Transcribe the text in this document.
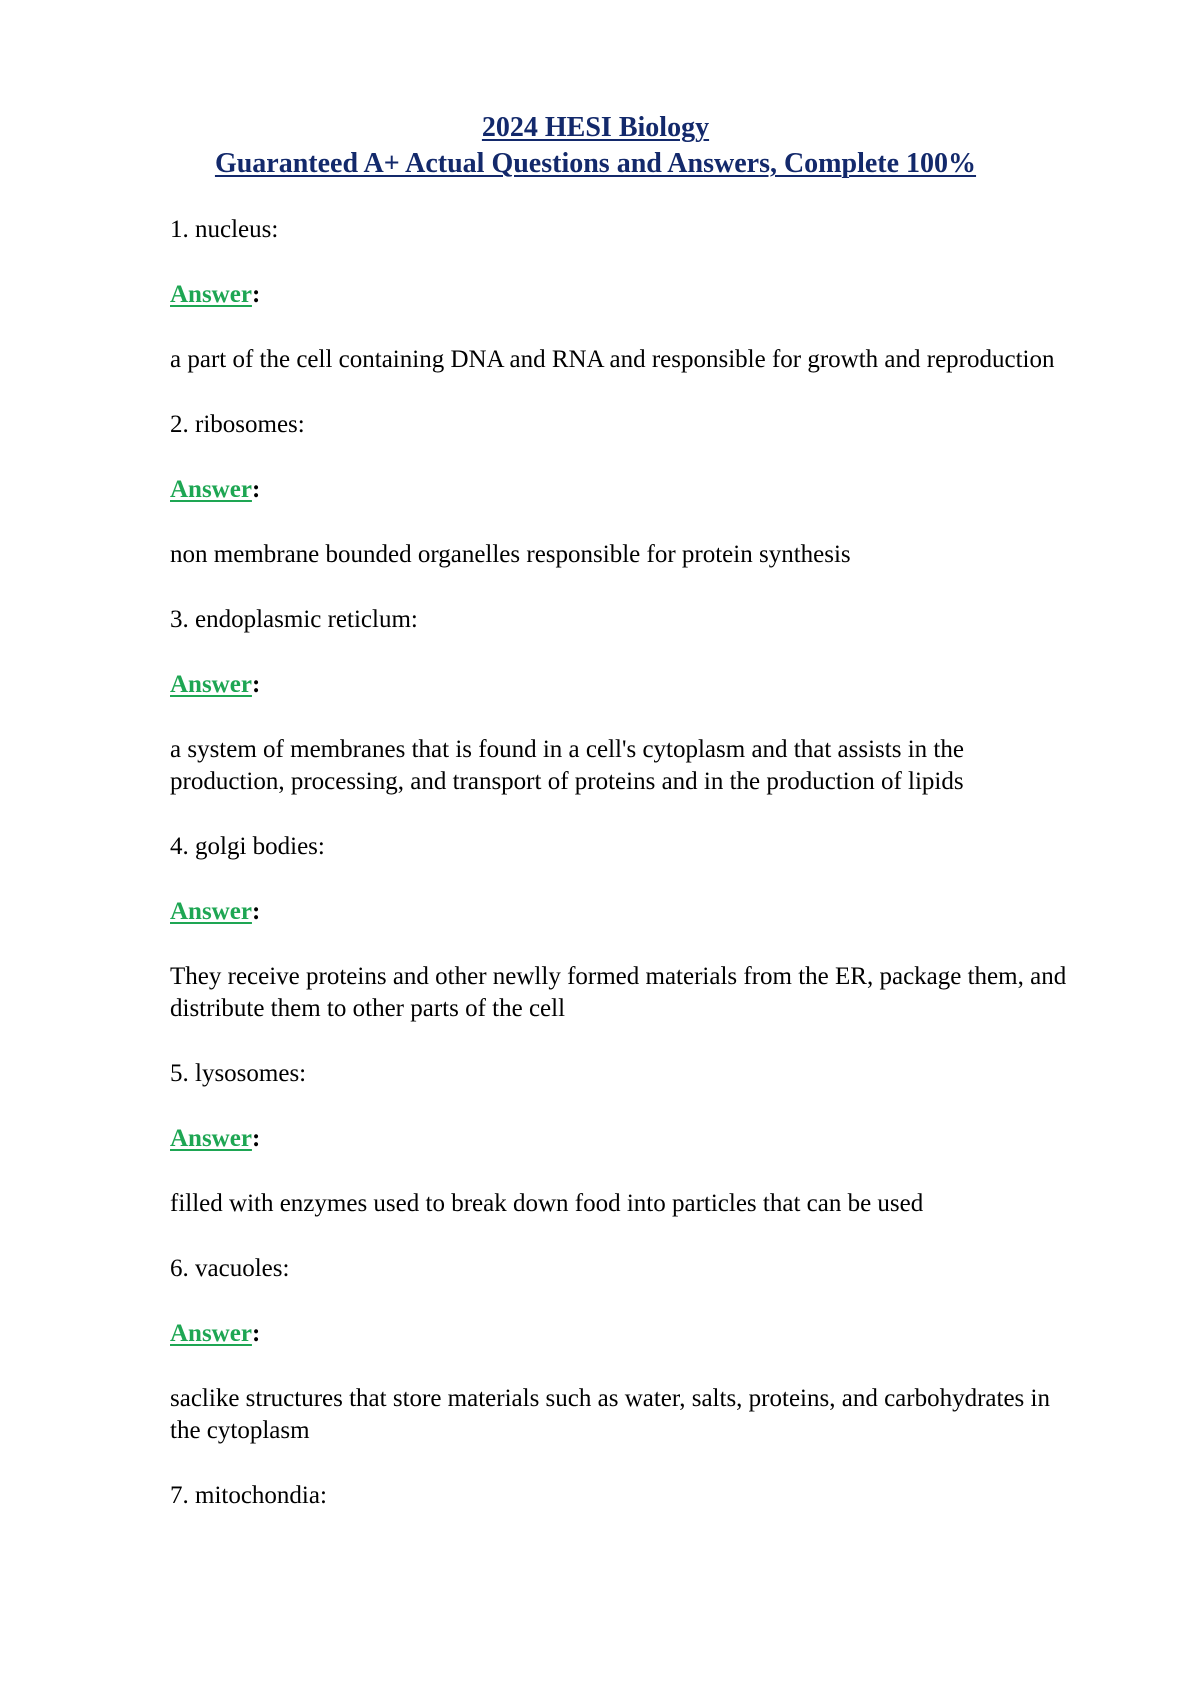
2024 HESI Biology
Guaranteed A+ Actual Questions and Answers, Complete 100%

1. nucleus:

Answer:

a part of the cell containing DNA and RNA and responsible for growth and reproduction

2. ribosomes:

Answer:

non membrane bounded organelles responsible for protein synthesis

3. endoplasmic reticlum:

Answer:

a system of membranes that is found in a cell's cytoplasm and that assists in the production, processing, and transport of proteins and in the production of lipids

4. golgi bodies:

Answer:

They receive proteins and other newlly formed materials from the ER, package them, and distribute them to other parts of the cell

5. lysosomes:

Answer:

filled with enzymes used to break down food into particles that can be used

6. vacuoles:

Answer:

saclike structures that store materials such as water, salts, proteins, and carbohydrates in the cytoplasm

7. mitochondia:
